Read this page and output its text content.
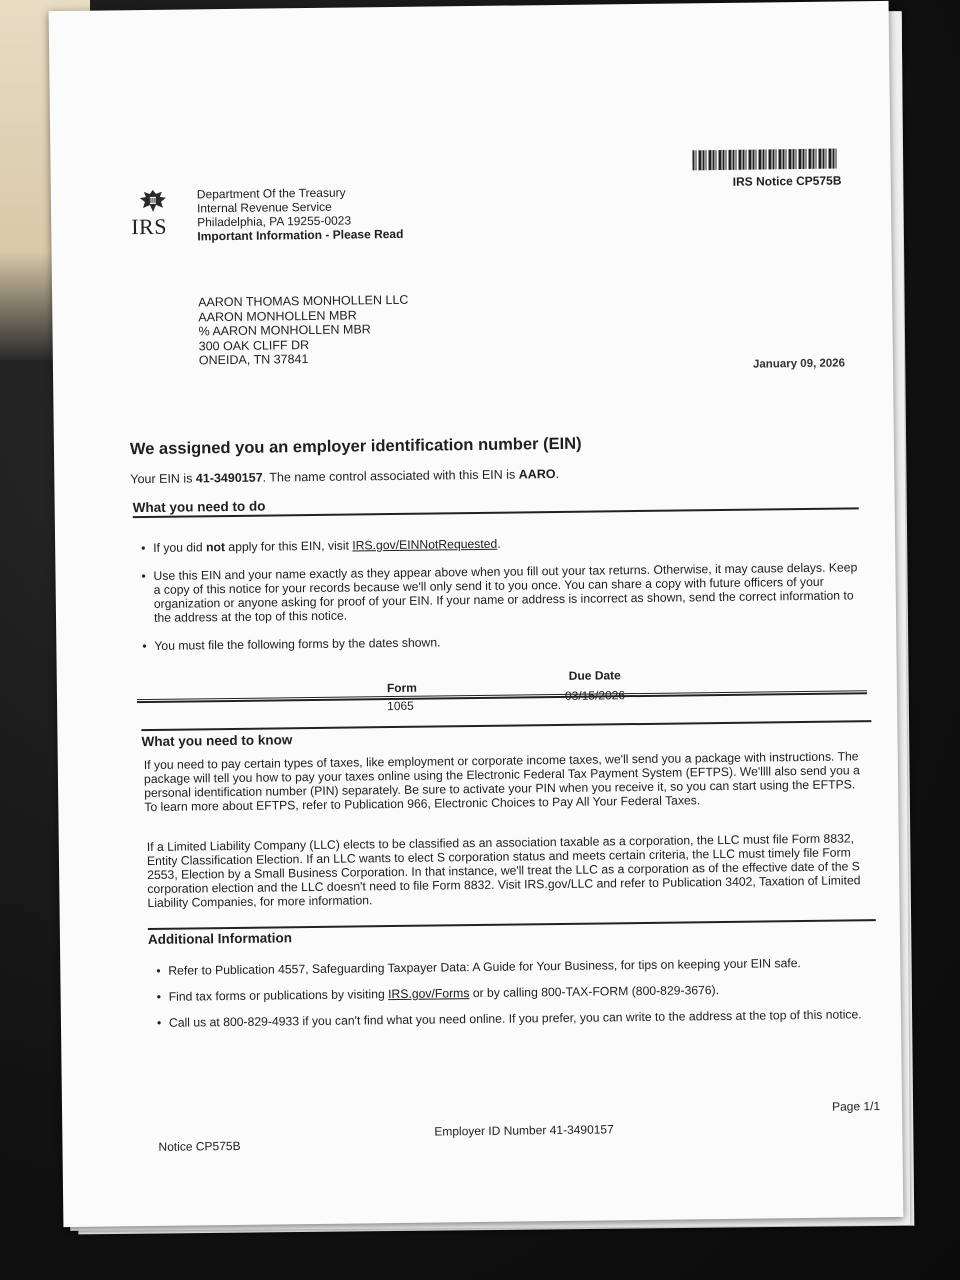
IRS Notice CP575B
IRS
Department Of the Treasury
Internal Revenue Service
Philadelphia, PA 19255-0023
Important Information - Please Read
AARON THOMAS MONHOLLEN LLC
AARON MONHOLLEN MBR
% AARON MONHOLLEN MBR
300 OAK CLIFF DR
ONEIDA, TN 37841	January 09, 2026
We assigned you an employer identification number (EIN)
Your EIN is 41-3490157. The name control associated with this EIN is AARO.
What you need to do
• If you did not apply for this EIN, visit IRS.gov/EINNotRequested.
• Use this EIN and your name exactly as they appear above when you fill out your tax returns. Otherwise, it may cause delays. Keep a copy of this notice for your records because we'll only send it to you once. You can share a copy with future officers of your organization or anyone asking for proof of your EIN. If your name or address is incorrect as shown, send the correct information to the address at the top of this notice.
• You must file the following forms by the dates shown.
Due Date
Form
03/15/2026
1065
What you need to know
If you need to pay certain types of taxes, like employment or corporate income taxes, we'll send you a package with instructions. The package will tell you how to pay your taxes online using the Electronic Federal Tax Payment System (EFTPS). We'llll also send you a personal identification number (PIN) separately. Be sure to activate your PIN when you receive it, so you can start using the EFTPS. To learn more about EFTPS, refer to Publication 966, Electronic Choices to Pay All Your Federal Taxes.
If a Limited Liability Company (LLC) elects to be classified as an association taxable as a corporation, the LLC must file Form 8832, Entity Classification Election. If an LLC wants to elect S corporation status and meets certain criteria, the LLC must timely file Form 2553, Election by a Small Business Corporation. In that instance, we'll treat the LLC as a corporation as of the effective date of the S corporation election and the LLC doesn't need to file Form 8832. Visit IRS.gov/LLC and refer to Publication 3402, Taxation of Limited Liability Companies, for more information.
Additional Information
• Refer to Publication 4557, Safeguarding Taxpayer Data: A Guide for Your Business, for tips on keeping your EIN safe.
• Find tax forms or publications by visiting IRS.gov/Forms or by calling 800-TAX-FORM (800-829-3676).
• Call us at 800-829-4933 if you can't find what you need online. If you prefer, you can write to the address at the top of this notice.
Notice CP575B
Employer ID Number 41-3490157
Page 1/1
